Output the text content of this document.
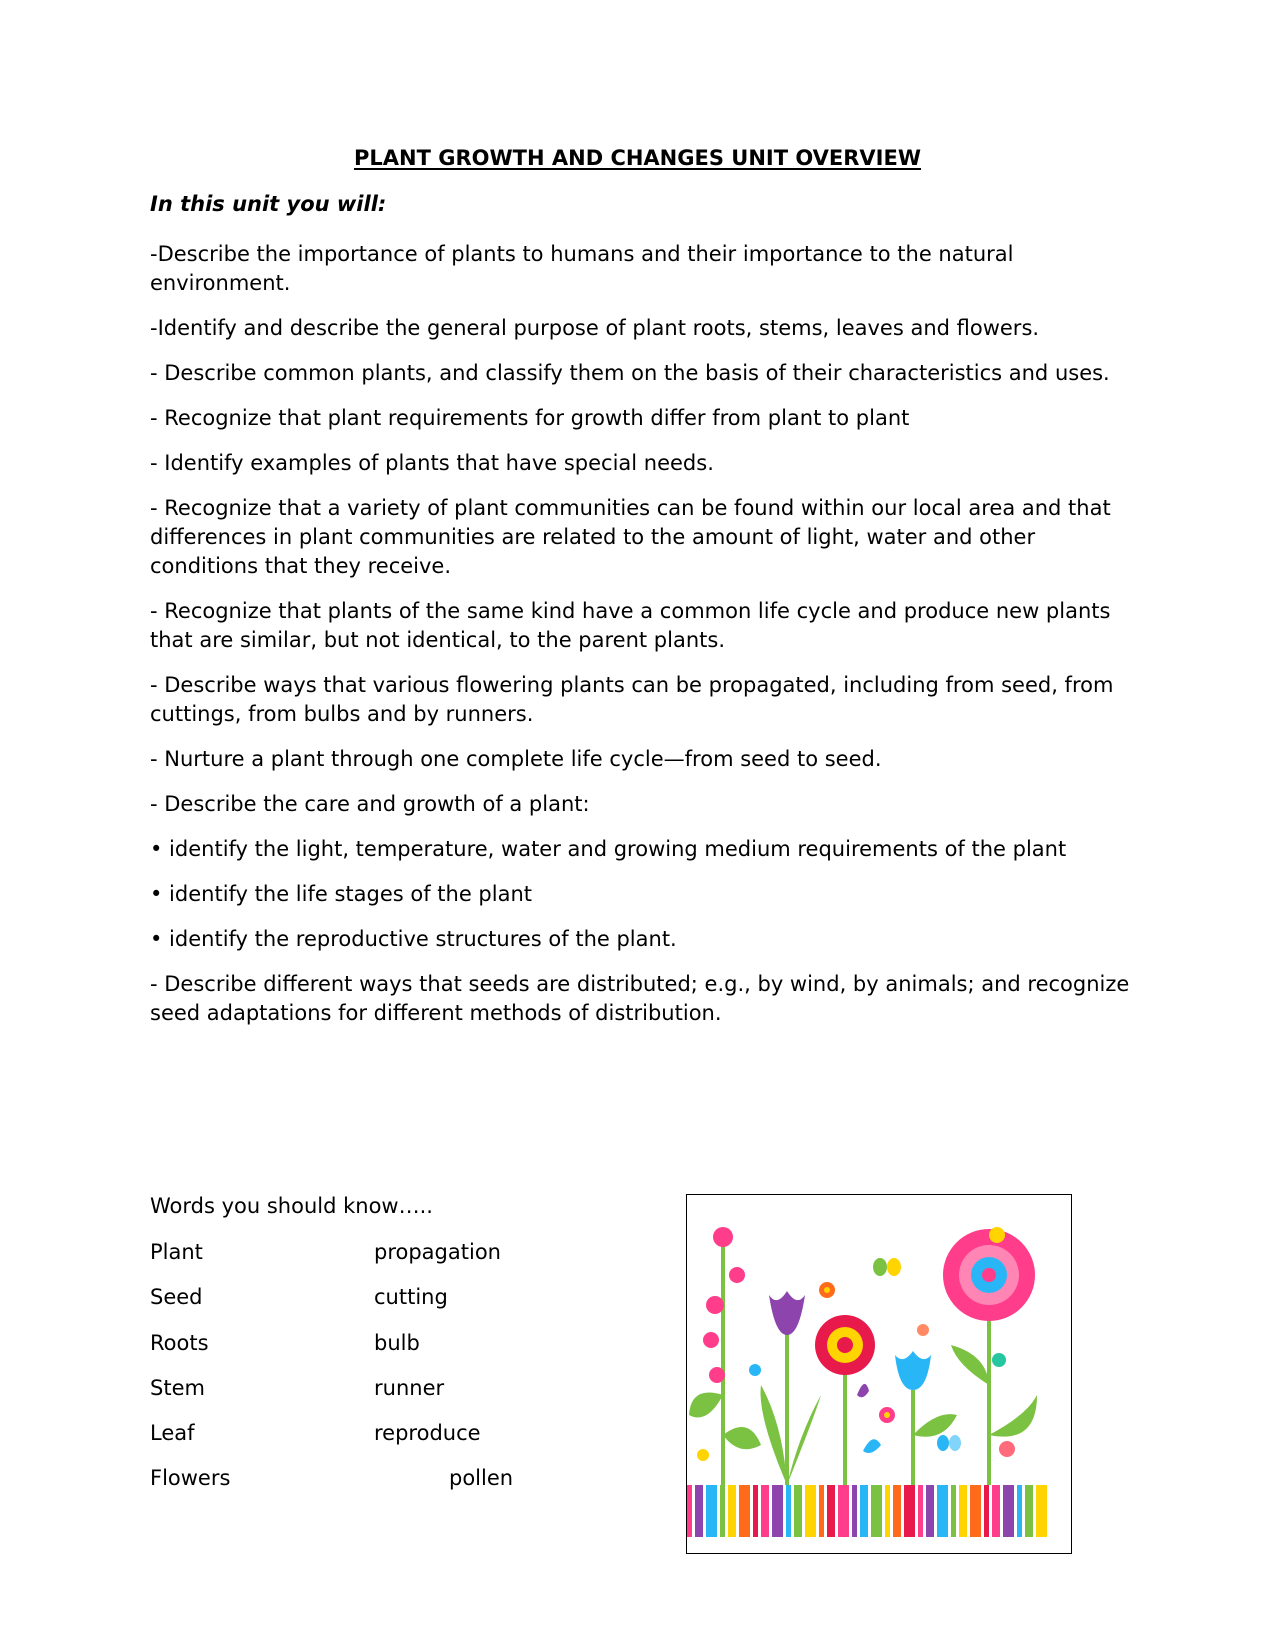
PLANT GROWTH AND CHANGES UNIT OVERVIEW

In this unit you will:

-Describe the importance of plants to humans and their importance to the natural environment.
-Identify and describe the general purpose of plant roots, stems, leaves and flowers.
- Describe common plants, and classify them on the basis of their characteristics and uses.
- Recognize that plant requirements for growth differ from plant to plant
- Identify examples of plants that have special needs.
- Recognize that a variety of plant communities can be found within our local area and that differences in plant communities are related to the amount of light, water and other conditions that they receive.
- Recognize that plants of the same kind have a common life cycle and produce new plants that are similar, but not identical, to the parent plants.
- Describe ways that various flowering plants can be propagated, including from seed, from cuttings, from bulbs and by runners.
- Nurture a plant through one complete life cycle—from seed to seed.
- Describe the care and growth of a plant:
• identify the light, temperature, water and growing medium requirements of the plant
• identify the life stages of the plant
• identify the reproductive structures of the plant.
- Describe different ways that seeds are distributed; e.g., by wind, by animals; and recognize seed adaptations for different methods of distribution.

Words you should know…..

Plant

Seed

Roots

Stem

Leaf

Flowers

propagation

cutting

bulb

runner

reproduce

pollen
